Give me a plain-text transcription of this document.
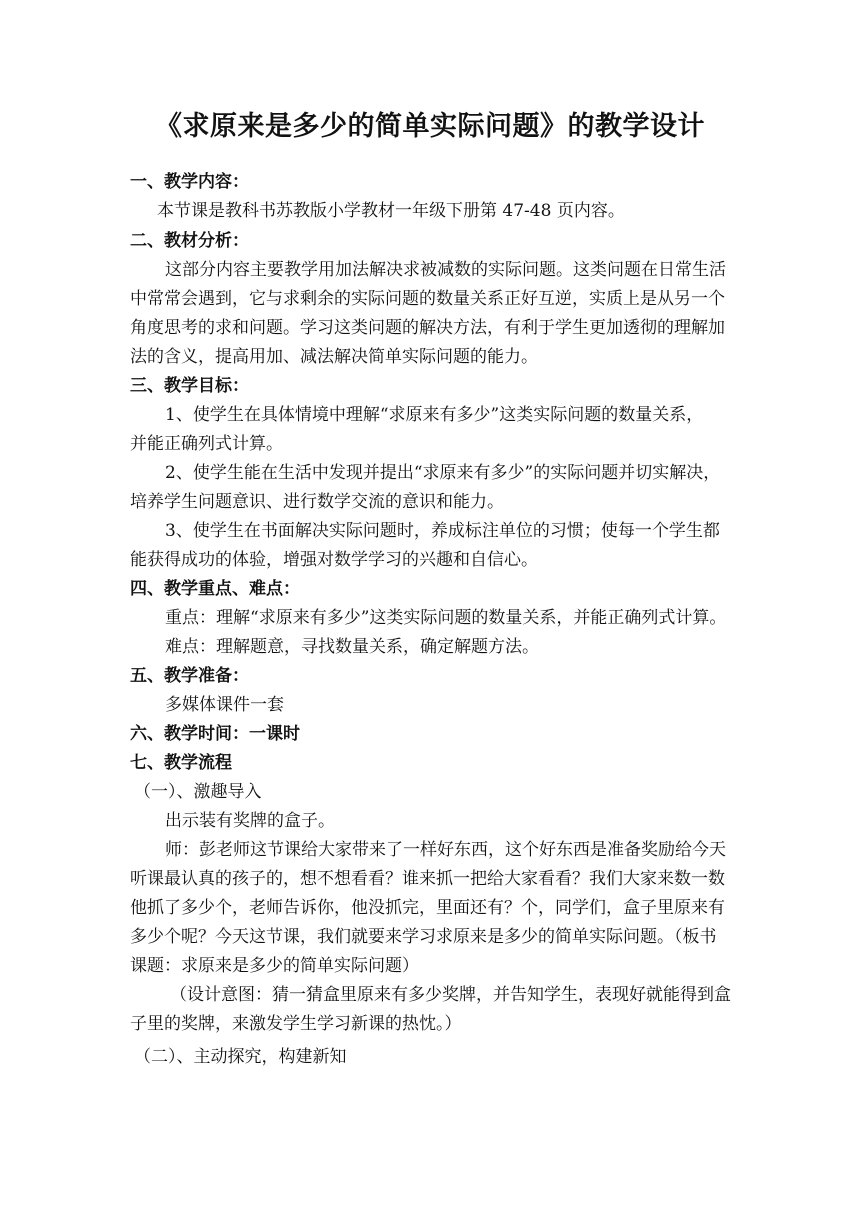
《求原来是多少的简单实际问题》的教学设计
一、教学内容：
本节课是教科书苏教版小学教材一年级下册第 47-48 页内容。
二、教材分析：
这部分内容主要教学用加法解决求被减数的实际问题。这类问题在日常生活
中常常会遇到，它与求剩余的实际问题的数量关系正好互逆，实质上是从另一个
角度思考的求和问题。学习这类问题的解决方法，有利于学生更加透彻的理解加
法的含义，提高用加、减法解决简单实际问题的能力。
三、教学目标：
1、使学生在具体情境中理解“求原来有多少”这类实际问题的数量关系，
并能正确列式计算。
2、使学生能在生活中发现并提出“求原来有多少”的实际问题并切实解决，
培养学生问题意识、进行数学交流的意识和能力。
3、使学生在书面解决实际问题时，养成标注单位的习惯；使每一个学生都
能获得成功的体验，增强对数学学习的兴趣和自信心。
四、教学重点、难点：
重点：理解“求原来有多少”这类实际问题的数量关系，并能正确列式计算。
难点：理解题意，寻找数量关系，确定解题方法。
五、教学准备：
多媒体课件一套
六、教学时间：一课时
七、教学流程
（一）、激趣导入
出示装有奖牌的盒子。
师：彭老师这节课给大家带来了一样好东西，这个好东西是准备奖励给今天
听课最认真的孩子的，想不想看看？谁来抓一把给大家看看？我们大家来数一数
他抓了多少个，老师告诉你，他没抓完，里面还有？个，同学们，盒子里原来有
多少个呢？今天这节课，我们就要来学习求原来是多少的简单实际问题。（板书
课题：求原来是多少的简单实际问题）
（设计意图：猜一猜盒里原来有多少奖牌，并告知学生，表现好就能得到盒
子里的奖牌，来激发学生学习新课的热忱。）
（二）、主动探究，构建新知
